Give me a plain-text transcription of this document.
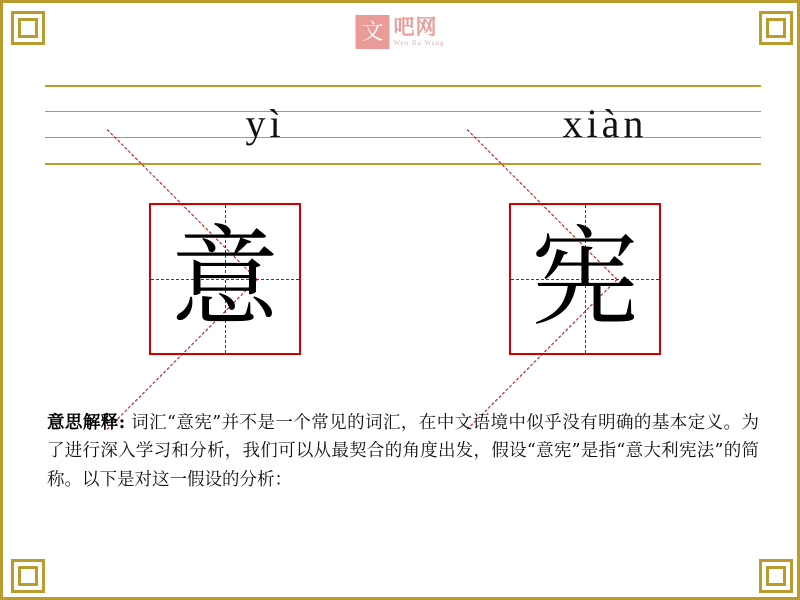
文 吧网
Wen Ba Wang
yì	xiàn
意 宪
意思解释: 词汇“意宪”并不是一个常见的词汇，在中文语境中似乎没有明确的基本定义。为了进行深入学习和分析，我们可以从最契合的角度出发，假设“意宪”是指“意大利宪法”的简称。以下是对这一假设的分析：
